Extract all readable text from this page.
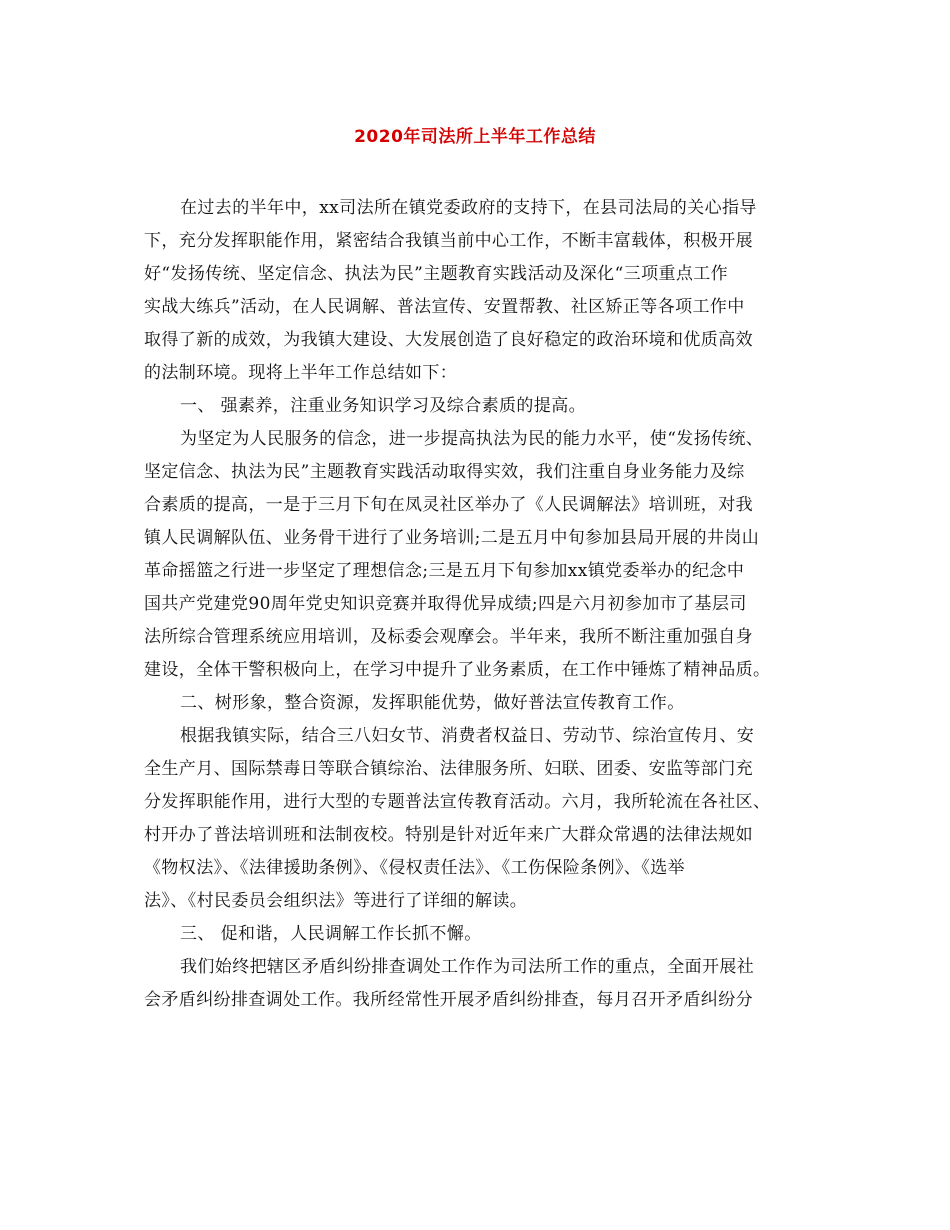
2020年司法所上半年工作总结
在过去的半年中，xx司法所在镇党委政府的支持下，在县司法局的关心指导
下，充分发挥职能作用，紧密结合我镇当前中心工作，不断丰富载体，积极开展
好“发扬传统、坚定信念、执法为民”主题教育实践活动及深化“三项重点工作
实战大练兵”活动，在人民调解、普法宣传、安置帮教、社区矫正等各项工作中
取得了新的成效，为我镇大建设、大发展创造了良好稳定的政治环境和优质高效
的法制环境。现将上半年工作总结如下：
一、 强素养，注重业务知识学习及综合素质的提高。
为坚定为人民服务的信念，进一步提高执法为民的能力水平，使“发扬传统、
坚定信念、执法为民”主题教育实践活动取得实效，我们注重自身业务能力及综
合素质的提高，一是于三月下旬在凤灵社区举办了《人民调解法》培训班，对我
镇人民调解队伍、业务骨干进行了业务培训;二是五月中旬参加县局开展的井岗山
革命摇篮之行进一步坚定了理想信念;三是五月下旬参加xx镇党委举办的纪念中
国共产党建党90周年党史知识竞赛并取得优异成绩;四是六月初参加市了基层司
法所综合管理系统应用培训，及标委会观摩会。半年来，我所不断注重加强自身
建设，全体干警积极向上，在学习中提升了业务素质，在工作中锤炼了精神品质。
二、树形象，整合资源，发挥职能优势，做好普法宣传教育工作。
根据我镇实际，结合三八妇女节、消费者权益日、劳动节、综治宣传月、安
全生产月、国际禁毒日等联合镇综治、法律服务所、妇联、团委、安监等部门充
分发挥职能作用，进行大型的专题普法宣传教育活动。六月，我所轮流在各社区、
村开办了普法培训班和法制夜校。特别是针对近年来广大群众常遇的法律法规如
《物权法》、《法律援助条例》、《侵权责任法》、《工伤保险条例》、《选举
法》、《村民委员会组织法》等进行了详细的解读。
三、 促和谐，人民调解工作长抓不懈。
我们始终把辖区矛盾纠纷排查调处工作作为司法所工作的重点，全面开展社
会矛盾纠纷排查调处工作。我所经常性开展矛盾纠纷排查，每月召开矛盾纠纷分
